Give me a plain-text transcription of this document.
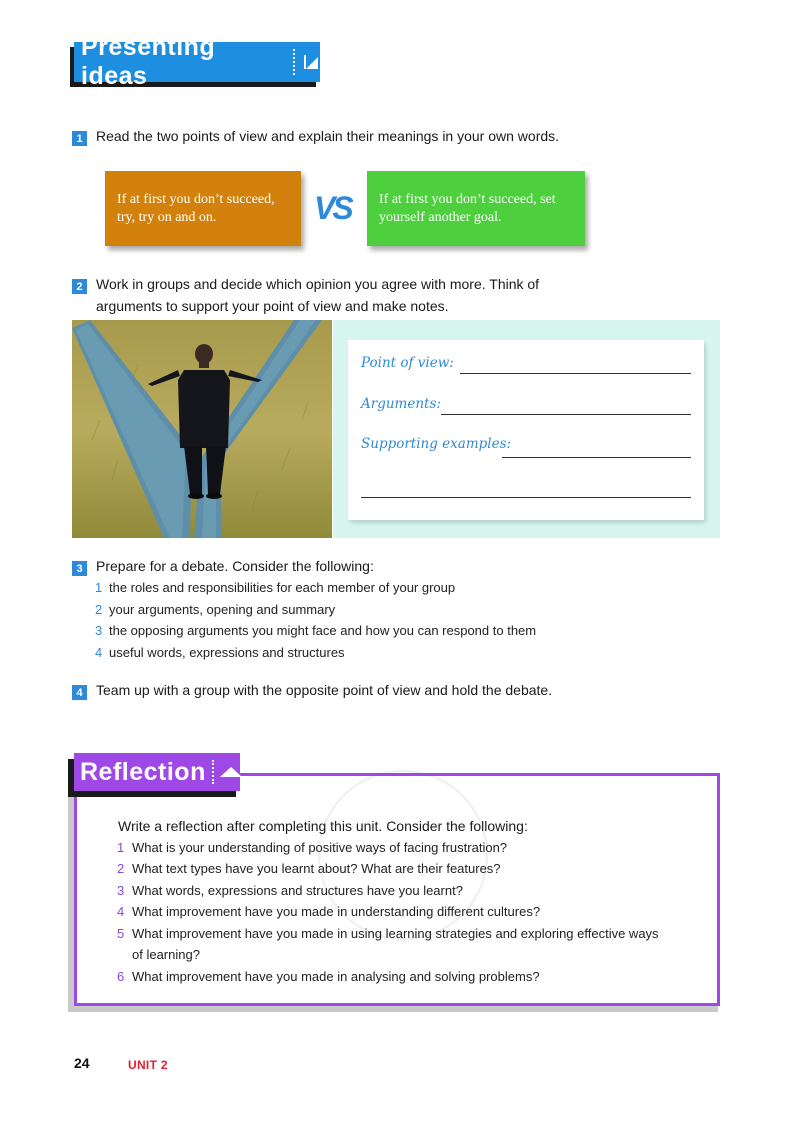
Presenting ideas
1 Read the two points of view and explain their meanings in your own words.
If at first you don’t succeed, try, try on and on.	VS	If at first you don’t succeed, set yourself another goal.
2 Work in groups and decide which opinion you agree with more. Think of
arguments to support your point of view and make notes.
Point of view:
Arguments:
Supporting examples:
3 Prepare for a debate. Consider the following:
1 the roles and responsibilities for each member of your group
2 your arguments, opening and summary
3 the opposing arguments you might face and how you can respond to them
4 useful words, expressions and structures
4 Team up with a group with the opposite point of view and hold the debate.
Reflection
Write a reflection after completing this unit. Consider the following:
1 What is your understanding of positive ways of facing frustration?
2 What text types have you learnt about? What are their features?
3 What words, expressions and structures have you learnt?
4 What improvement have you made in understanding different cultures?
5 What improvement have you made in using learning strategies and exploring effective ways
of learning?
6 What improvement have you made in analysing and solving problems?
24	UNIT 2
